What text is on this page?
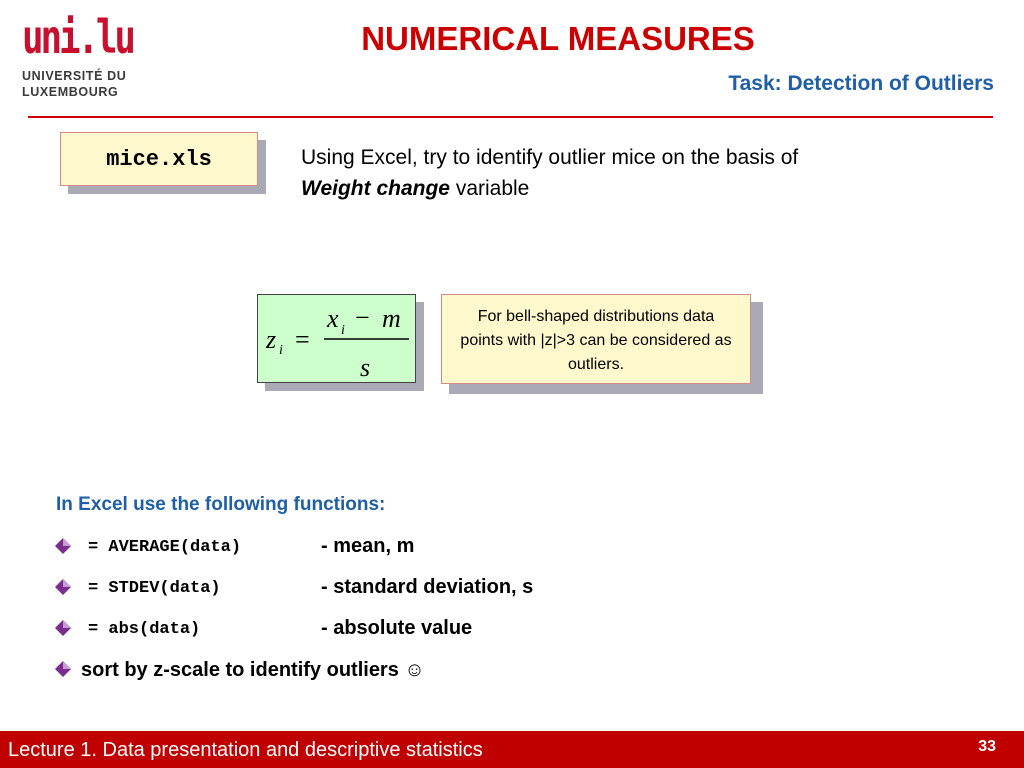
uni.lu
UNIVERSITÉ DU
LUXEMBOURG
NUMERICAL MEASURES
Task: Detection of Outliers
mice.xls	Using Excel, try to identify outlier mice on the basis of
Weight change variable
z i
x i m
s
=
−	For bell-shaped distributions data points with |z|>3 can be considered as outliers.
In Excel use the following functions:
= AVERAGE(data)	- mean, m
= STDEV(data)	- standard deviation, s
= abs(data)	- absolute value
sort by z-scale to identify outliers ☺
Lecture 1. Data presentation and descriptive statistics	33
